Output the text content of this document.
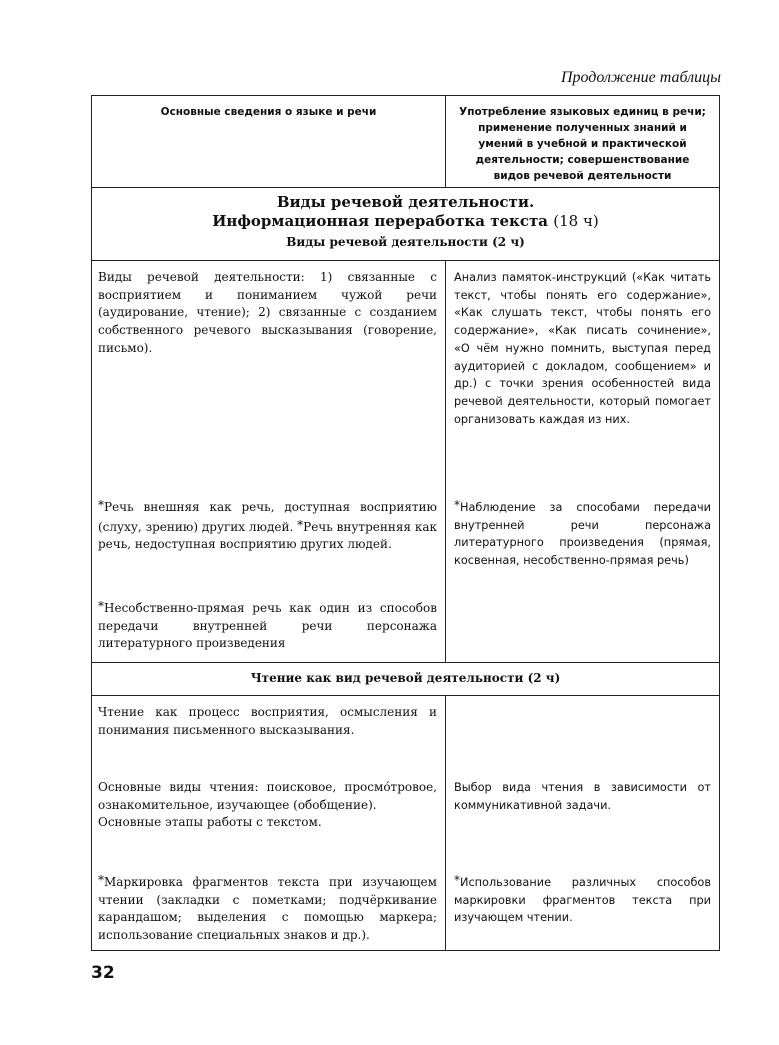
Продолжение таблицы
Основные сведения о языке и речи	Употребление языковых единиц в речи; применение полученных знаний и умений в учебной и практической деятельности; совершенствование видов речевой деятельности
Виды речевой деятельности.
Информационная переработка текста (18 ч)
Виды речевой деятельности (2 ч)
Виды речевой деятельности: 1) связанные с восприятием и пониманием чужой речи (аудирование, чтение); 2) связанные с созданием собственного речевого высказывания (говорение, письмо).
*Речь внешняя как речь, доступная восприятию (слуху, зрению) других людей. *Речь внутренняя как речь, недоступная восприятию других людей.
*Несобственно-прямая речь как один из способов передачи внутренней речи персонажа литературного произведения
Анализ памяток-инструкций («Как читать текст, чтобы понять его содержание», «Как слушать текст, чтобы понять его содержание», «Как писать сочинение», «О чём нужно помнить, выступая перед аудиторией с докладом, сообщением» и др.) с точки зрения особенностей вида речевой деятельности, который помогает организовать каждая из них.
*Наблюдение за способами передачи внутренней речи персонажа литературного произведения (прямая, косвенная, несобственно-прямая речь)
Чтение как вид речевой деятельности (2 ч)
Чтение как процесс восприятия, осмысления и понимания письменного высказывания.
Основные виды чтения: поисковое, просмо́тровое, ознакомительное, изучающее (обобщение).
Основные этапы работы с текстом.
*Маркировка фрагментов текста при изучающем чтении (закладки с пометками; подчёркивание карандашом; выделения с помощью маркера; использование специальных знаков и др.).
Выбор вида чтения в зависимости от коммуникативной задачи.
*Использование различных способов маркировки фрагментов текста при изучающем чтении.
32
